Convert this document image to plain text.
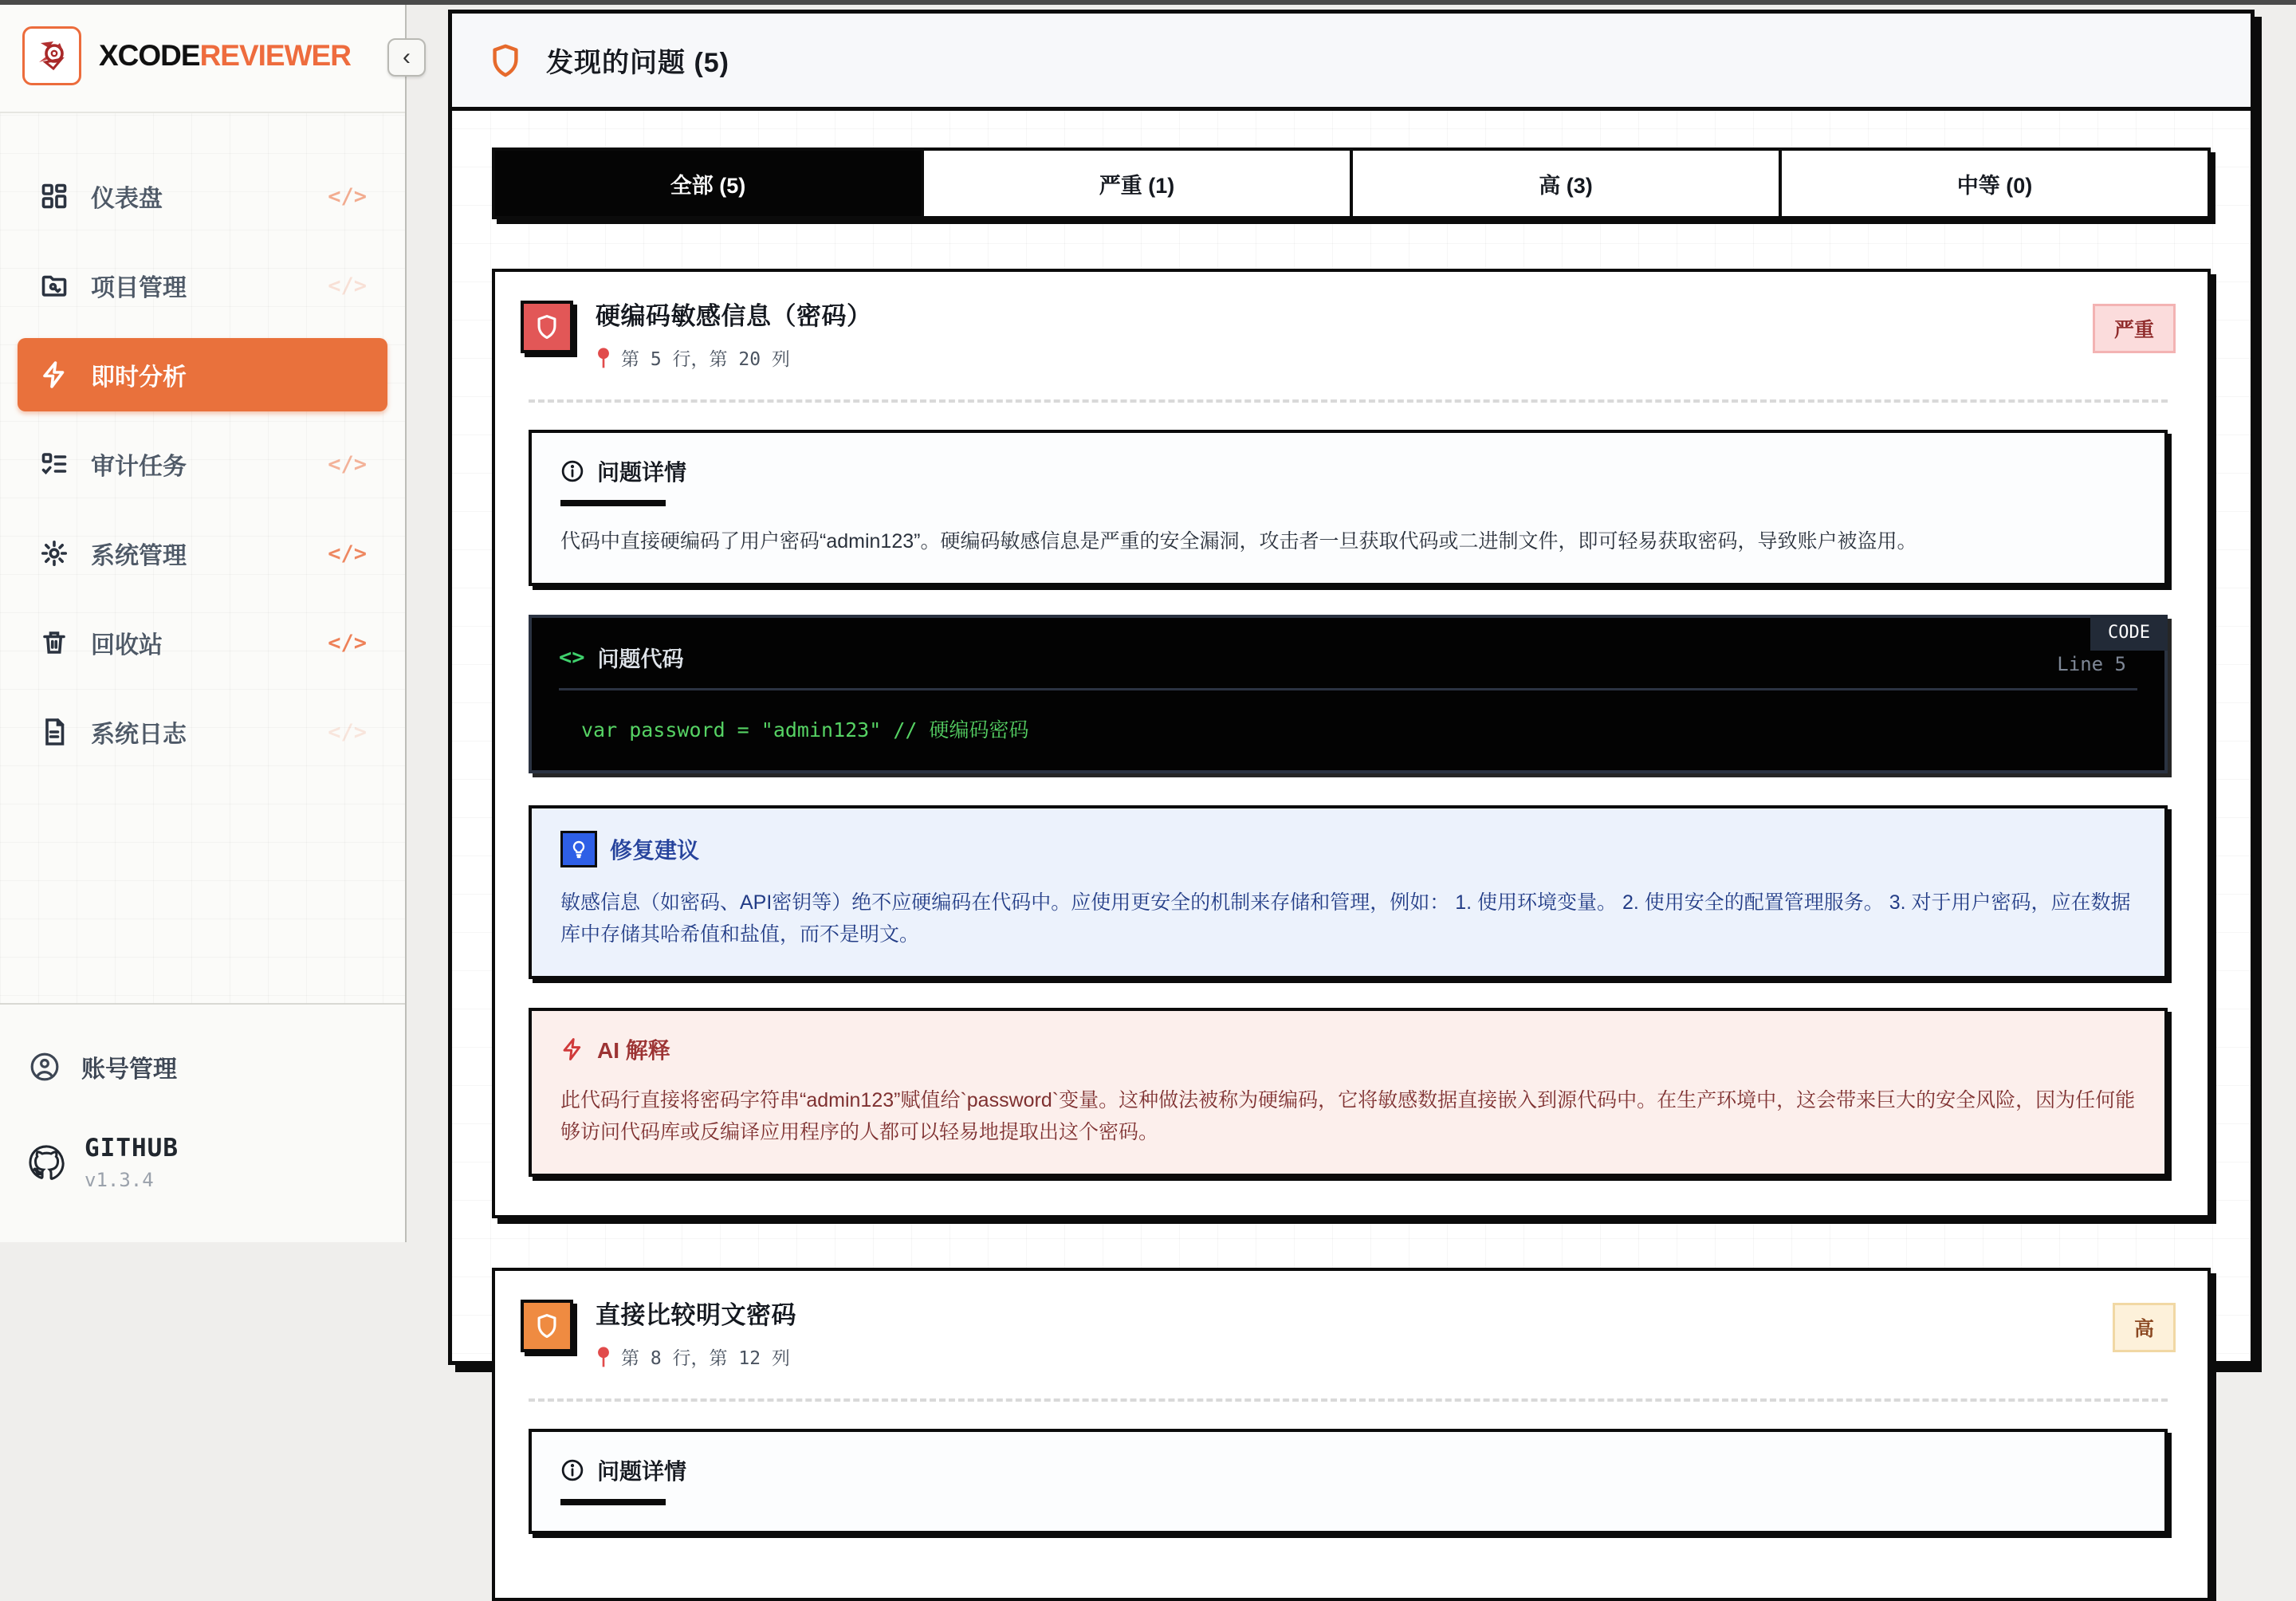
XCODEREVIEWER
仪表盘	</>
项目管理	</>
即时分析
审计任务	</>
系统管理	</>
回收站	</>
系统日志	</>
账号管理
GITHUB
v1.3.4
‹	发现的问题 (5)
全部 (5)	严重 (1)	高 (3)	中等 (0)
硬编码敏感信息（密码）
第 5 行，第 20 列
严重
问题详情

代码中直接硬编码了用户密码“admin123”。硬编码敏感信息是严重的安全漏洞，攻击者一旦获取代码或二进制文件，即可轻易获取密码，导致账户被盗用。

<> 问题代码	Line 5
CODE
var password = "admin123" // 硬编码密码
修复建议

敏感信息（如密码、API密钥等）绝不应硬编码在代码中。应使用更安全的机制来存储和管理，例如： 1. 使用环境变量。 2. 使用安全的配置管理服务。 3. 对于用户密码，应在数据库中存储其哈希值和盐值，而不是明文。

AI 解释

此代码行直接将密码字符串“admin123”赋值给`password`变量。这种做法被称为硬编码，它将敏感数据直接嵌入到源代码中。在生产环境中，这会带来巨大的安全风险，因为任何能够访问代码库或反编译应用程序的人都可以轻易地提取出这个密码。

直接比较明文密码
第 8 行，第 12 列
高
问题详情
